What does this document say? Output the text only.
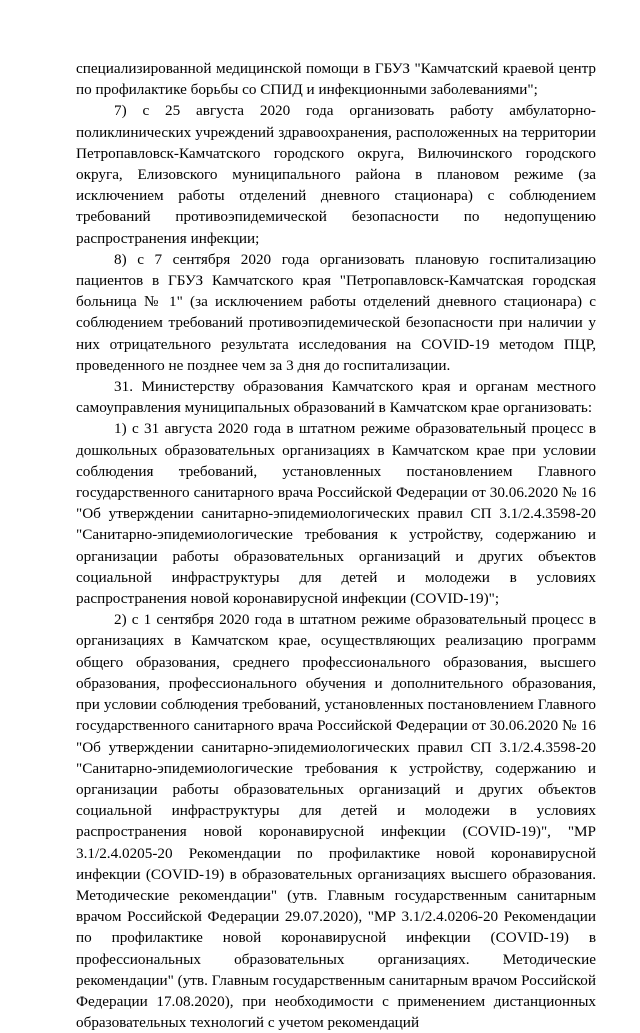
специализированной медицинской помощи в ГБУЗ "Камчатский краевой центр по профилактике борьбы со СПИД и инфекционными заболеваниями";

7) с 25 августа 2020 года организовать работу амбулаторно-поликлинических учреждений здравоохранения, расположенных на территории Петропавловск-Камчатского городского округа, Вилючинского городского округа, Елизовского муниципального района в плановом режиме (за исключением работы отделений дневного стационара) с соблюдением требований противоэпидемической безопасности по недопущению распространения инфекции;

8) с 7 сентября 2020 года организовать плановую госпитализацию пациентов в ГБУЗ Камчатского края "Петропавловск-Камчатская городская больница № 1" (за исключением работы отделений дневного стационара) с соблюдением требований противоэпидемической безопасности при наличии у них отрицательного результата исследования на COVID-19 методом ПЦР, проведенного не позднее чем за 3 дня до госпитализации.

31. Министерству образования Камчатского края и органам местного самоуправления муниципальных образований в Камчатском крае организовать:

1) с 31 августа 2020 года в штатном режиме образовательный процесс в дошкольных образовательных организациях в Камчатском крае при условии соблюдения требований, установленных постановлением Главного государственного санитарного врача Российской Федерации от 30.06.2020 № 16 "Об утверждении санитарно-эпидемиологических правил СП 3.1/2.4.3598-20 "Санитарно-эпидемиологические требования к устройству, содержанию и организации работы образовательных организаций и других объектов социальной инфраструктуры для детей и молодежи в условиях распространения новой коронавирусной инфекции (COVID-19)";

2) с 1 сентября 2020 года в штатном режиме образовательный процесс в организациях в Камчатском крае, осуществляющих реализацию программ общего образования, среднего профессионального образования, высшего образования, профессионального обучения и дополнительного образования, при условии соблюдения требований, установленных постановлением Главного государственного санитарного врача Российской Федерации от 30.06.2020 № 16 "Об утверждении санитарно-эпидемиологических правил СП 3.1/2.4.3598-20 "Санитарно-эпидемиологические требования к устройству, содержанию и организации работы образовательных организаций и других объектов социальной инфраструктуры для детей и молодежи в условиях распространения новой коронавирусной инфекции (COVID-19)", "МР 3.1/2.4.0205-20 Рекомендации по профилактике новой коронавирусной инфекции (COVID-19) в образовательных организациях высшего образования. Методические рекомендации" (утв. Главным государственным санитарным врачом Российской Федерации 29.07.2020), "МР 3.1/2.4.0206-20 Рекомендации по профилактике новой коронавирусной инфекции (COVID-19) в профессиональных образовательных организациях. Методические рекомендации" (утв. Главным государственным санитарным врачом Российской Федерации 17.08.2020), при необходимости с применением дистанционных образовательных технологий с учетом рекомендаций
